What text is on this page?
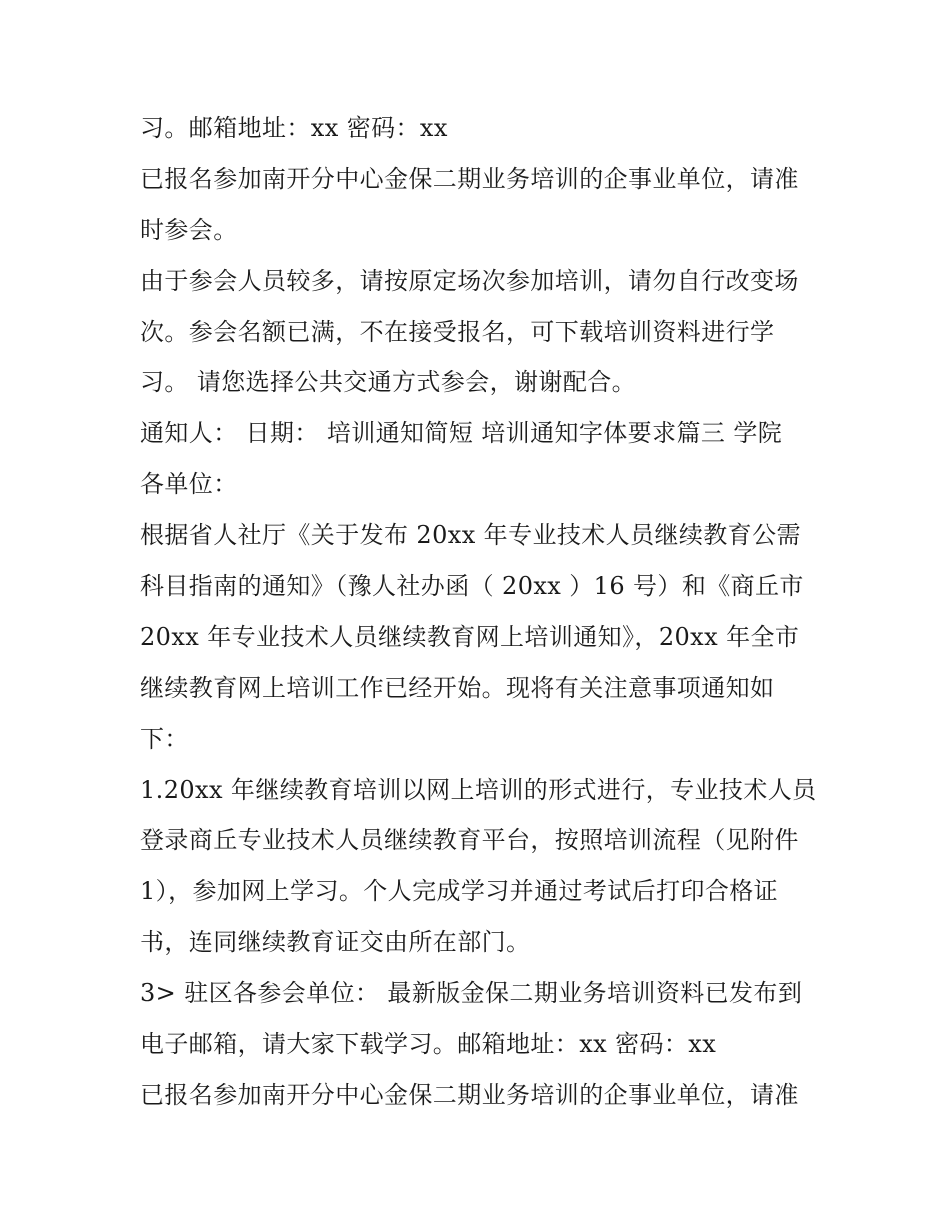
习。邮箱地址：xx 密码：xx
已报名参加南开分中心金保二期业务培训的企事业单位，请准
时参会。
由于参会人员较多，请按原定场次参加培训，请勿自行改变场
次。参会名额已满，不在接受报名，可下载培训资料进行学
习。 请您选择公共交通方式参会，谢谢配合。
通知人： 日期： 培训通知简短 培训通知字体要求篇三 学院
各单位：
根据省人社厅《关于发布 20xx 年专业技术人员继续教育公需
科目指南的通知》（豫人社办函（ 20xx ）16 号）和《商丘市
20xx 年专业技术人员继续教育网上培训通知》，20xx 年全市
继续教育网上培训工作已经开始。现将有关注意事项通知如
下：
1.20xx 年继续教育培训以网上培训的形式进行，专业技术人员
登录商丘专业技术人员继续教育平台，按照培训流程（见附件
1），参加网上学习。个人完成学习并通过考试后打印合格证
书，连同继续教育证交由所在部门。
3> 驻区各参会单位： 最新版金保二期业务培训资料已发布到
电子邮箱，请大家下载学习。邮箱地址：xx 密码：xx
已报名参加南开分中心金保二期业务培训的企事业单位，请准
